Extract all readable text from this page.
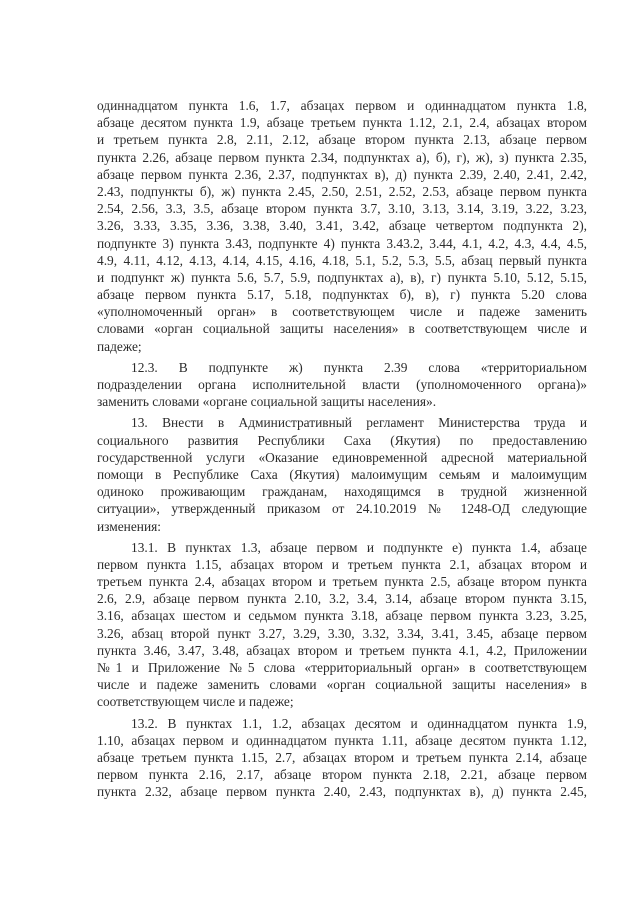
одиннадцатом пункта 1.6, 1.7, абзацах первом и одиннадцатом пункта 1.8,
абзаце десятом пункта 1.9, абзаце третьем пункта 1.12, 2.1, 2.4, абзацах втором
и третьем пункта 2.8, 2.11, 2.12, абзаце втором пункта 2.13, абзаце первом
пункта 2.26, абзаце первом пункта 2.34, подпунктах а), б), г), ж), з) пункта 2.35,
абзаце первом пункта 2.36, 2.37, подпунктах в), д) пункта 2.39, 2.40, 2.41, 2.42,
2.43, подпункты б), ж) пункта 2.45, 2.50, 2.51, 2.52, 2.53, абзаце первом пункта
2.54, 2.56, 3.3, 3.5, абзаце втором пункта 3.7, 3.10, 3.13, 3.14, 3.19, 3.22, 3.23,
3.26, 3.33, 3.35, 3.36, 3.38, 3.40, 3.41, 3.42, абзаце четвертом подпункта 2),
подпункте 3) пункта 3.43, подпункте 4) пункта 3.43.2, 3.44, 4.1, 4.2, 4.3, 4.4, 4.5,
4.9, 4.11, 4.12, 4.13, 4.14, 4.15, 4.16, 4.18, 5.1, 5.2, 5.3, 5.5, абзац первый пункта
и подпункт ж) пункта 5.6, 5.7, 5.9, подпунктах а), в), г) пункта 5.10, 5.12, 5.15,
абзаце первом пункта 5.17, 5.18, подпунктах б), в), г) пункта 5.20 слова
«уполномоченный орган» в соответствующем числе и падеже заменить
словами «орган социальной защиты населения» в соответствующем числе и
падеже;
12.3. В подпункте ж) пункта 2.39 слова «территориальном
подразделении органа исполнительной власти (уполномоченного органа)»
заменить словами «органе социальной защиты населения».
13. Внести в Административный регламент Министерства труда и
социального развития Республики Саха (Якутия) по предоставлению
государственной услуги «Оказание единовременной адресной материальной
помощи в Республике Саха (Якутия) малоимущим семьям и малоимущим
одиноко проживающим гражданам, находящимся в трудной жизненной
ситуации», утвержденный приказом от 24.10.2019 № 1248-ОД следующие
изменения:
13.1. В пунктах 1.3, абзаце первом и подпункте е) пункта 1.4, абзаце
первом пункта 1.15, абзацах втором и третьем пункта 2.1, абзацах втором и
третьем пункта 2.4, абзацах втором и третьем пункта 2.5, абзаце втором пункта
2.6, 2.9, абзаце первом пункта 2.10, 3.2, 3.4, 3.14, абзаце втором пункта 3.15,
3.16, абзацах шестом и седьмом пункта 3.18, абзаце первом пункта 3.23, 3.25,
3.26, абзац второй пункт 3.27, 3.29, 3.30, 3.32, 3.34, 3.41, 3.45, абзаце первом
пункта 3.46, 3.47, 3.48, абзацах втором и третьем пункта 4.1, 4.2, Приложении
№1 и Приложение №5 слова «территориальный орган» в соответствующем
числе и падеже заменить словами «орган социальной защиты населения» в
соответствующем числе и падеже;
13.2. В пунктах 1.1, 1.2, абзацах десятом и одиннадцатом пункта 1.9,
1.10, абзацах первом и одиннадцатом пункта 1.11, абзаце десятом пункта 1.12,
абзаце третьем пункта 1.15, 2.7, абзацах втором и третьем пункта 2.14, абзаце
первом пункта 2.16, 2.17, абзаце втором пункта 2.18, 2.21, абзаце первом
пункта 2.32, абзаце первом пункта 2.40, 2.43, подпунктах в), д) пункта 2.45,
